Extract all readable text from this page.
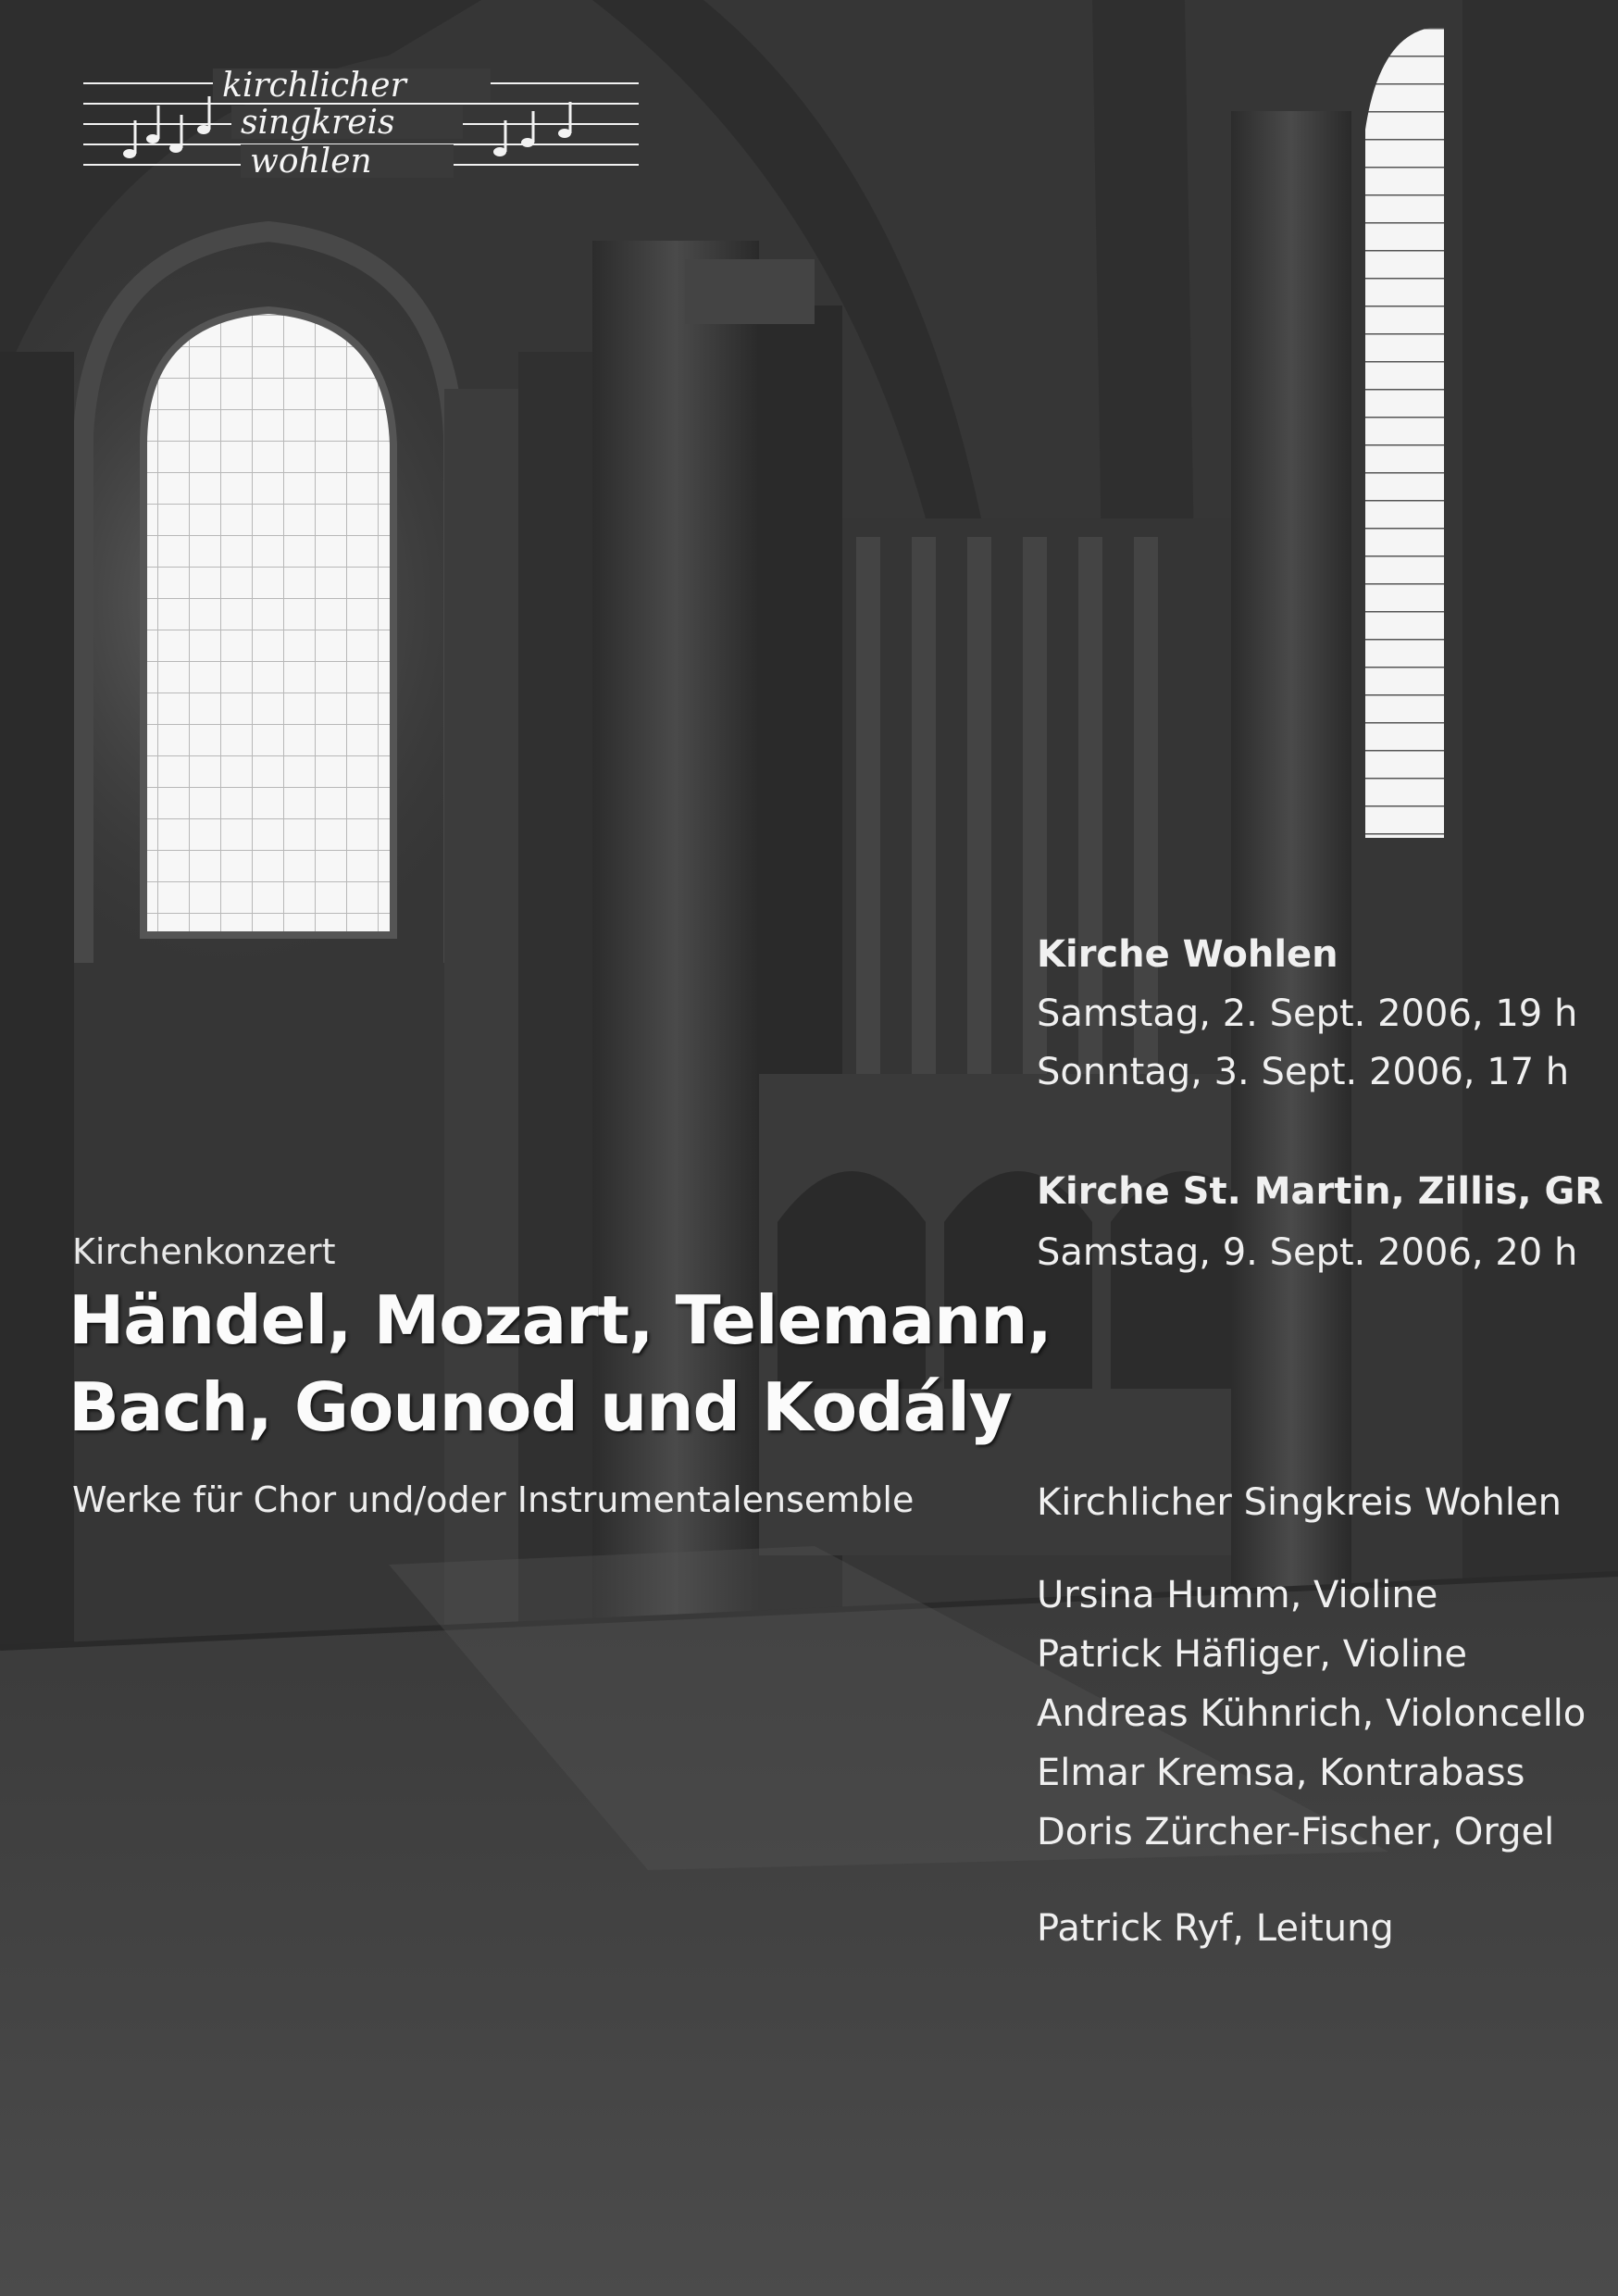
kirchlicher
singkreis
wohlen
Kirchenkonzert
Händel, Mozart, Telemann,
Bach, Gounod und Kodály
Werke für Chor und/oder Instrumentalensemble
Kirche Wohlen
Samstag, 2. Sept. 2006, 19 h
Sonntag, 3. Sept. 2006, 17 h
Kirche St. Martin, Zillis, GR
Samstag, 9. Sept. 2006, 20 h
Kirchlicher Singkreis Wohlen
Ursina Humm, Violine
Patrick Häfliger, Violine
Andreas Kühnrich, Violoncello
Elmar Kremsa, Kontrabass
Doris Zürcher-Fischer, Orgel
Patrick Ryf, Leitung
